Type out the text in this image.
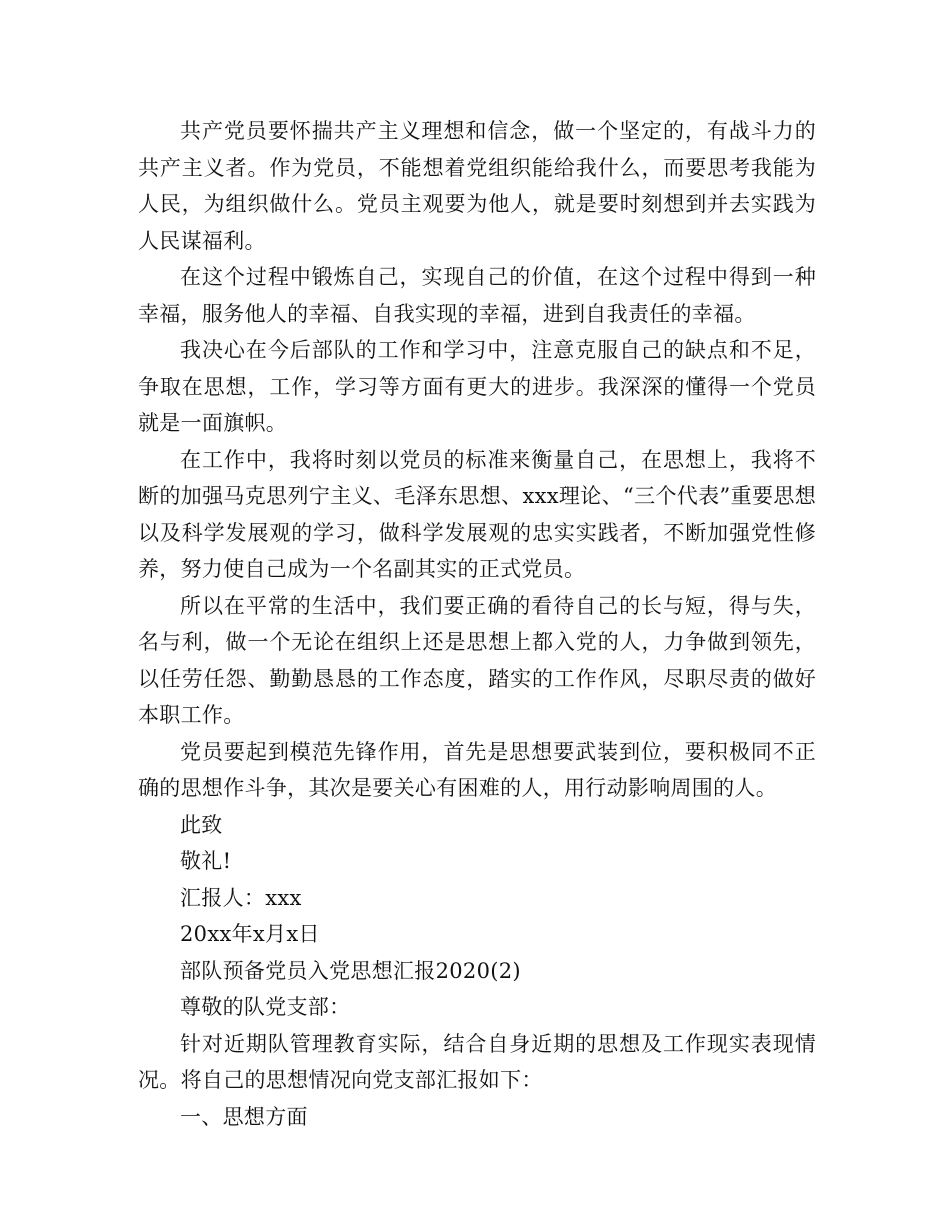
共产党员要怀揣共产主义理想和信念，做一个坚定的，有战斗力的共产主义者。作为党员，不能想着党组织能给我什么，而要思考我能为人民，为组织做什么。党员主观要为他人，就是要时刻想到并去实践为人民谋福利。

在这个过程中锻炼自己，实现自己的价值，在这个过程中得到一种幸福，服务他人的幸福、自我实现的幸福，进到自我责任的幸福。

我决心在今后部队的工作和学习中，注意克服自己的缺点和不足，争取在思想，工作，学习等方面有更大的进步。我深深的懂得一个党员就是一面旗帜。

在工作中，我将时刻以党员的标准来衡量自己，在思想上，我将不断的加强马克思列宁主义、毛泽东思想、xxx理论、“三个代表”重要思想以及科学发展观的学习，做科学发展观的忠实实践者，不断加强党性修养，努力使自己成为一个名副其实的正式党员。

所以在平常的生活中，我们要正确的看待自己的长与短，得与失，名与利，做一个无论在组织上还是思想上都入党的人，力争做到领先，以任劳任怨、勤勤恳恳的工作态度，踏实的工作作风，尽职尽责的做好本职工作。

党员要起到模范先锋作用，首先是思想要武装到位，要积极同不正确的思想作斗争，其次是要关心有困难的人，用行动影响周围的人。

此致

敬礼!

汇报人：xxx

20xx年x月x日

部队预备党员入党思想汇报2020(2)

尊敬的队党支部：

针对近期队管理教育实际，结合自身近期的思想及工作现实表现情况。将自己的思想情况向党支部汇报如下：

一、思想方面
